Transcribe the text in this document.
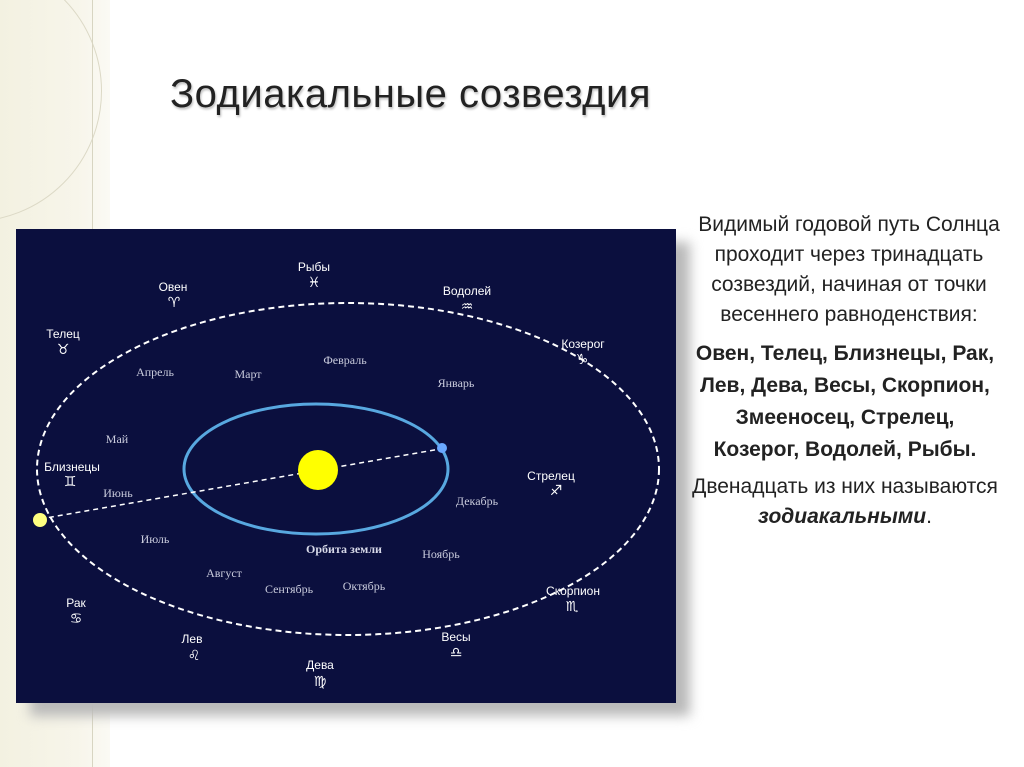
Зодиакальные созвездия
Рыбы
♓
Овен
♈
Водолей
♒
Телец
♉	Козерог
♑
Близнецы
♊	Стрелец
♐
Рак
♋
Скорпион
♏
Лев
♌
Весы
♎
Дева
♍
Февраль
Март
Апрель
Январь
Май
Июнь
Декабрь
Июль
Ноябрь
Август
Октябрь
Сентябрь
Орбита земли

Видимый годовой путь Солнца проходит через тринадцать созвездий, начиная от точки весеннего равноденствия:

Овен, Телец, Близнецы, Рак, Лев, Дева, Весы, Скорпион, Змееносец, Стрелец, Козерог, Водолей, Рыбы.

Двенадцать из них называются зодиакальными.
